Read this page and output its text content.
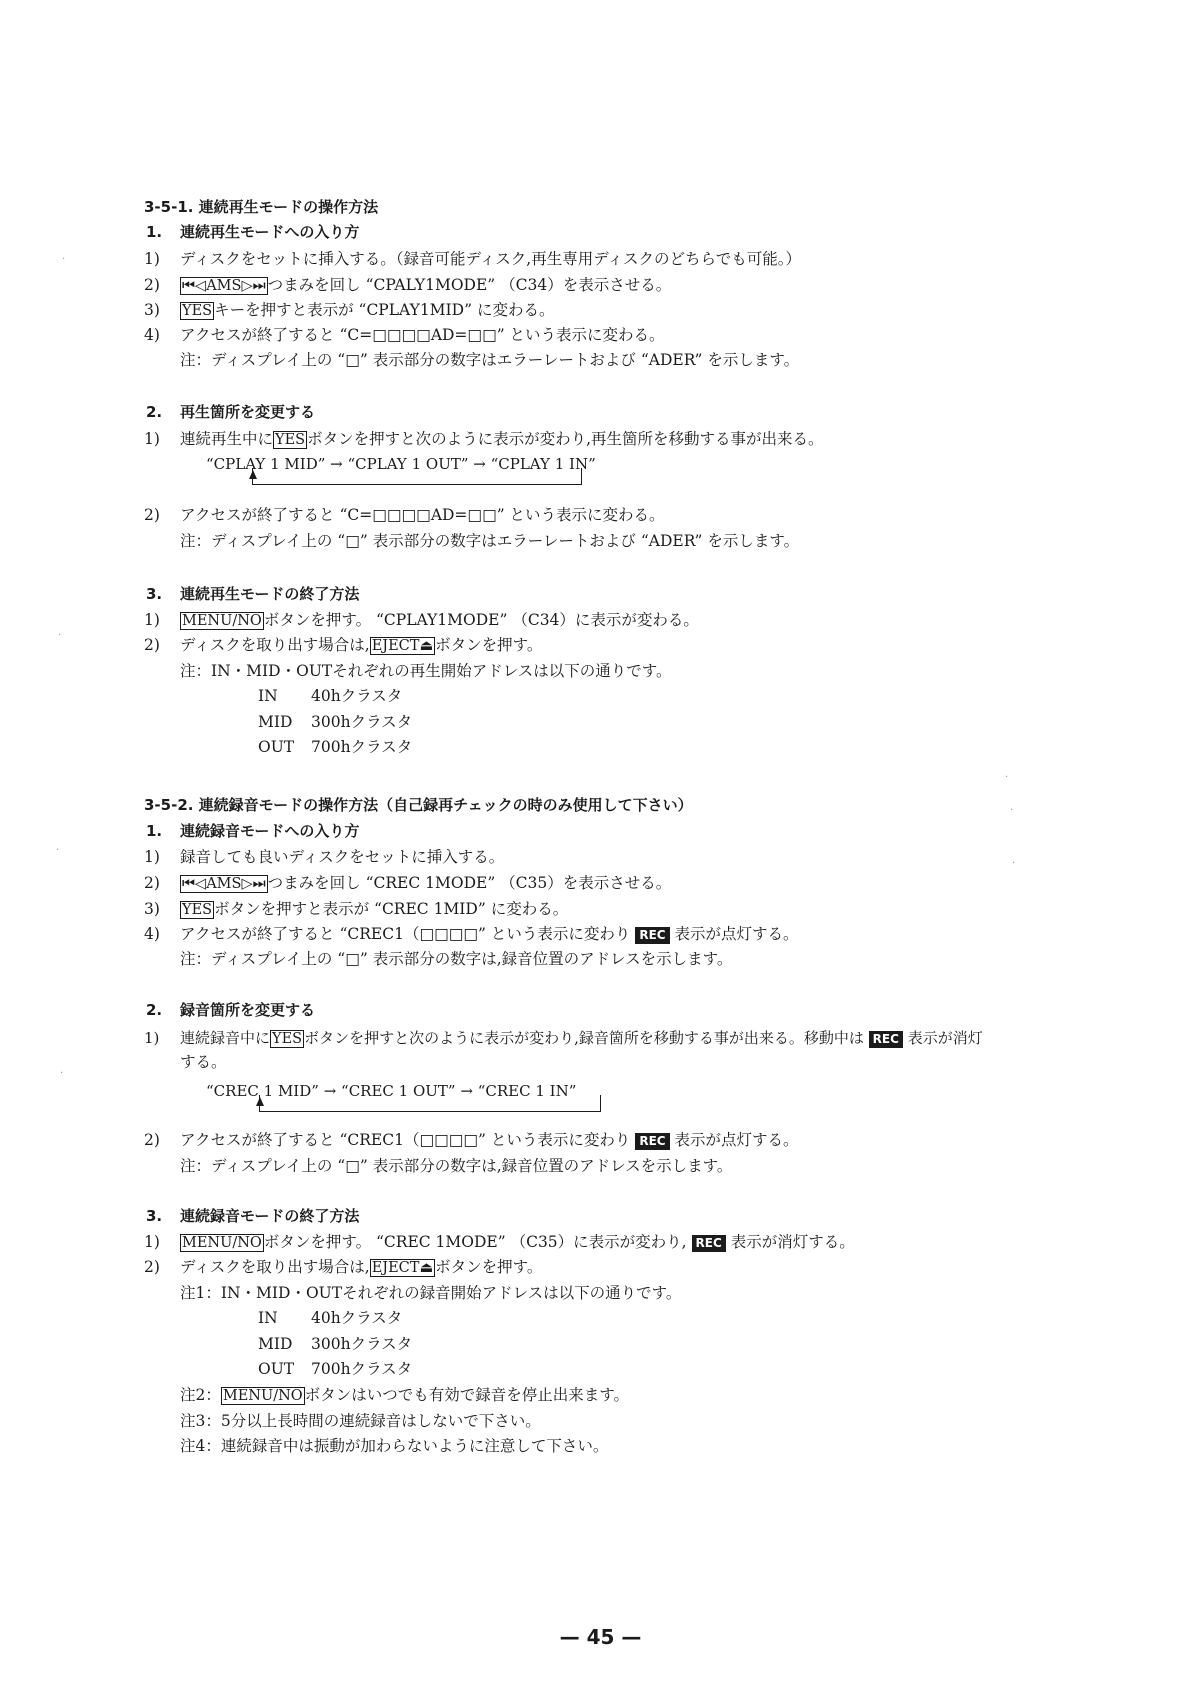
3-5-1. 連続再生モードの操作方法
1. 連続再生モードへの入り方
1) ディスクをセットに挿入する。（録音可能ディスク,再生専用ディスクのどちらでも可能。）
2) ⏮◁AMS▷⏭ つまみを回し “CPALY1MODE” （C34）を表示させる。
3) YES キーを押すと表示が “CPLAY1MID” に変わる。
4) アクセスが終了すると “C=□□□□AD=□□” という表示に変わる。
注：ディスプレイ上の “□” 表示部分の数字はエラーレートおよび “ADER” を示します。
2. 再生箇所を変更する
1) 連続再生中に YES ボタンを押すと次のように表示が変わり,再生箇所を移動する事が出来る。
“CPLAY 1 MID” → “CPLAY 1 OUT” → “CPLAY 1 IN”
2) アクセスが終了すると “C=□□□□AD=□□” という表示に変わる。
注：ディスプレイ上の “□” 表示部分の数字はエラーレートおよび “ADER” を示します。
3. 連続再生モードの終了方法
1) MENU/NO ボタンを押す。 “CPLAY1MODE” （C34）に表示が変わる。
2) ディスクを取り出す場合は, EJECT⏏ ボタンを押す。
注：IN・MID・OUTそれぞれの再生開始アドレスは以下の通りです。
IN 40hクラスタ
MID 300hクラスタ
OUT 700hクラスタ
3-5-2. 連続録音モードの操作方法（自己録再チェックの時のみ使用して下さい）
1. 連続録音モードへの入り方
1) 録音しても良いディスクをセットに挿入する。
2) ⏮◁AMS▷⏭ つまみを回し “CREC 1MODE” （C35）を表示させる。
3) YES ボタンを押すと表示が “CREC 1MID” に変わる。
4) アクセスが終了すると “CREC1（□□□□” という表示に変わり REC 表示が点灯する。
注：ディスプレイ上の “□” 表示部分の数字は,録音位置のアドレスを示します。
2. 録音箇所を変更する
1) 連続録音中に YES ボタンを押すと次のように表示が変わり,録音箇所を移動する事が出来る。移動中は REC 表示が消灯
する。
“CREC 1 MID” → “CREC 1 OUT” → “CREC 1 IN”
2) アクセスが終了すると “CREC1（□□□□” という表示に変わり REC 表示が点灯する。
注：ディスプレイ上の “□” 表示部分の数字は,録音位置のアドレスを示します。
3. 連続録音モードの終了方法
1) MENU/NO ボタンを押す。 “CREC 1MODE” （C35）に表示が変わり, REC 表示が消灯する。
2) ディスクを取り出す場合は, EJECT⏏ ボタンを押す。
注1：IN・MID・OUTそれぞれの録音開始アドレスは以下の通りです。
IN 40hクラスタ
MID 300hクラスタ
OUT 700hクラスタ
注2： MENU/NO ボタンはいつでも有効で録音を停止出来ます。
注3：5分以上長時間の連続録音はしないで下さい。
注4：連続録音中は振動が加わらないように注意して下さい。
— 45 —
·
·
·
·
·
·
·
